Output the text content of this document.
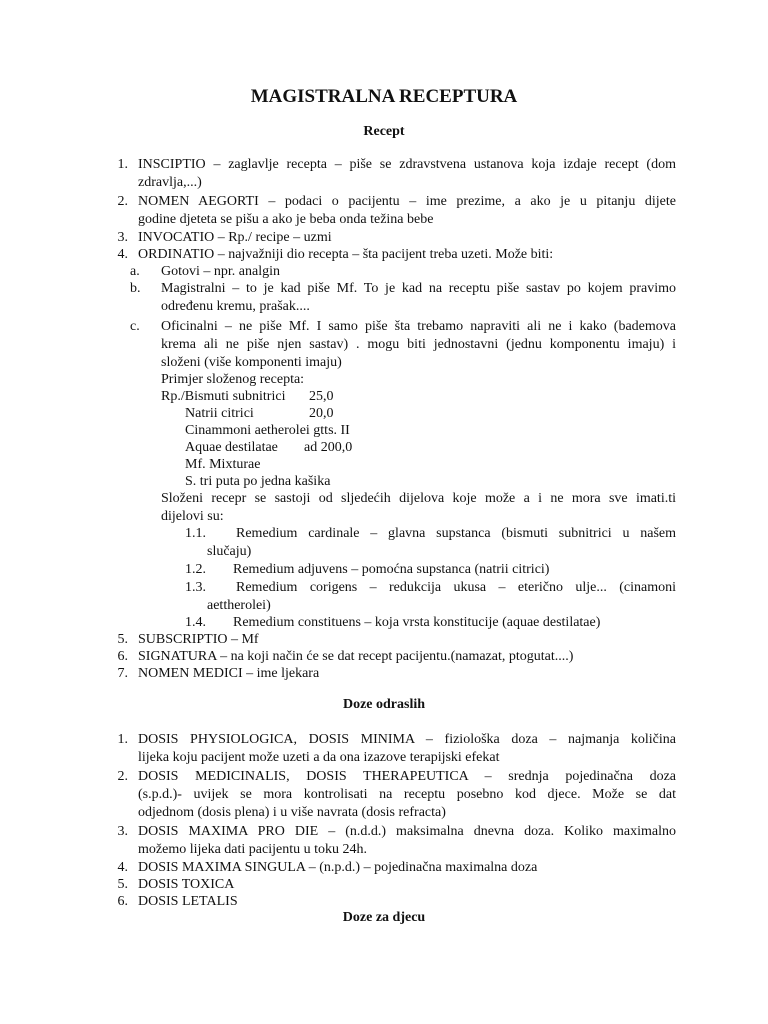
MAGISTRALNA RECEPTURA
Recept
1. INSCIPTIO – zaglavlje recepta – piše se zdravstvena ustanova koja izdaje recept (dom
zdravlja,...)
2. NOMEN AEGORTI – podaci o pacijentu – ime prezime, a ako je u pitanju dijete
godine djeteta se pišu a ako je beba onda težina bebe
3. INVOCATIO – Rp./ recipe – uzmi
4. ORDINATIO – najvažniji dio recepta – šta pacijent treba uzeti. Može biti:
a.	Gotovi – npr. analgin
b.	Magistralni – to je kad piše Mf. To je kad na receptu piše sastav po kojem pravimo
određenu kremu, prašak....
c.	Oficinalni – ne piše Mf. I samo piše šta trebamo napraviti ali ne i kako (bademova
krema ali ne piše njen sastav) . mogu biti jednostavni (jednu komponentu imaju) i
složeni (više komponenti imaju)
Primjer složenog recepta:
Rp./Bismuti subnitrici 25,0
Natrii citrici	20,0
Cinammoni aetherolei gtts. II
Aquae destilatae ad 200,0
Mf. Mixturae
S. tri puta po jedna kašika
Složeni recepr se sastoji od sljedećih dijelova koje može a i ne mora sve imati.ti
dijelovi su:
1.1. Remedium cardinale – glavna supstanca (bismuti subnitrici u našem
slučaju)
1.2. Remedium adjuvens – pomoćna supstanca (natrii citrici)
1.3. Remedium corigens – redukcija ukusa – eterično ulje... (cinamoni
aettherolei)
1.4. Remedium constituens – koja vrsta konstitucije (aquae destilatae)
5. SUBSCRIPTIO – Mf
6. SIGNATURA – na koji način će se dat recept pacijentu.(namazat, ptogutat....)
7. NOMEN MEDICI – ime ljekara
Doze odraslih
1. DOSIS PHYSIOLOGICA, DOSIS MINIMA – fiziološka doza – najmanja količina
lijeka koju pacijent može uzeti a da ona izazove terapijski efekat
2. DOSIS MEDICINALIS, DOSIS THERAPEUTICA – srednja pojedinačna doza
(s.p.d.)- uvijek se mora kontrolisati na receptu posebno kod djece. Može se dat
odjednom (dosis plena) i u više navrata (dosis refracta)
3. DOSIS MAXIMA PRO DIE – (n.d.d.) maksimalna dnevna doza. Koliko maximalno
možemo lijeka dati pacijentu u toku 24h.
4. DOSIS MAXIMA SINGULA – (n.p.d.) – pojedinačna maximalna doza
5. DOSIS TOXICA
6. DOSIS LETALIS
Doze za djecu
